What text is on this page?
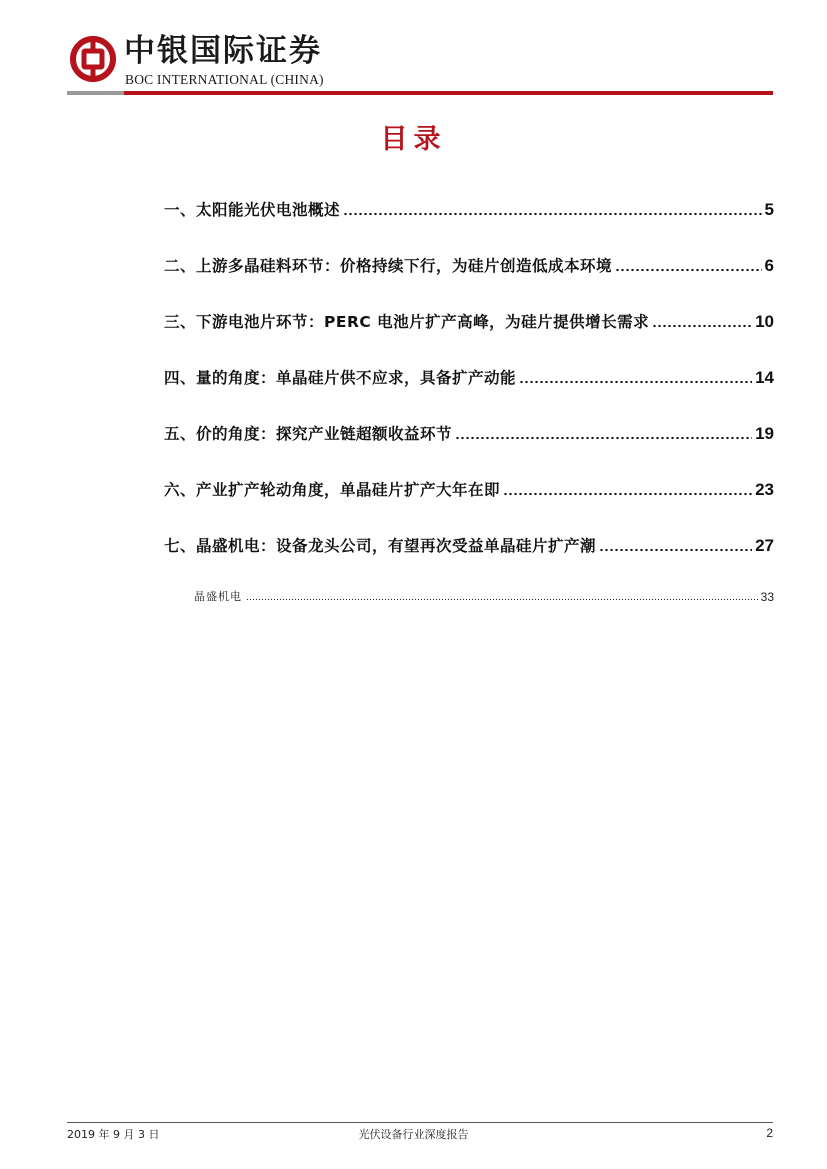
中银国际证券
BOC INTERNATIONAL (CHINA)
目录
一、太阳能光伏电池概述	5
二、上游多晶硅料环节：价格持续下行，为硅片创造低成本环境	6
三、下游电池片环节：PERC 电池片扩产高峰，为硅片提供增长需求	10
四、量的角度：单晶硅片供不应求，具备扩产动能	14
五、价的角度：探究产业链超额收益环节	19
六、产业扩产轮动角度，单晶硅片扩产大年在即	23
七、晶盛机电：设备龙头公司，有望再次受益单晶硅片扩产潮	27
晶盛机电	33
2019 年 9 月 3 日	光伏设备行业深度报告	2
